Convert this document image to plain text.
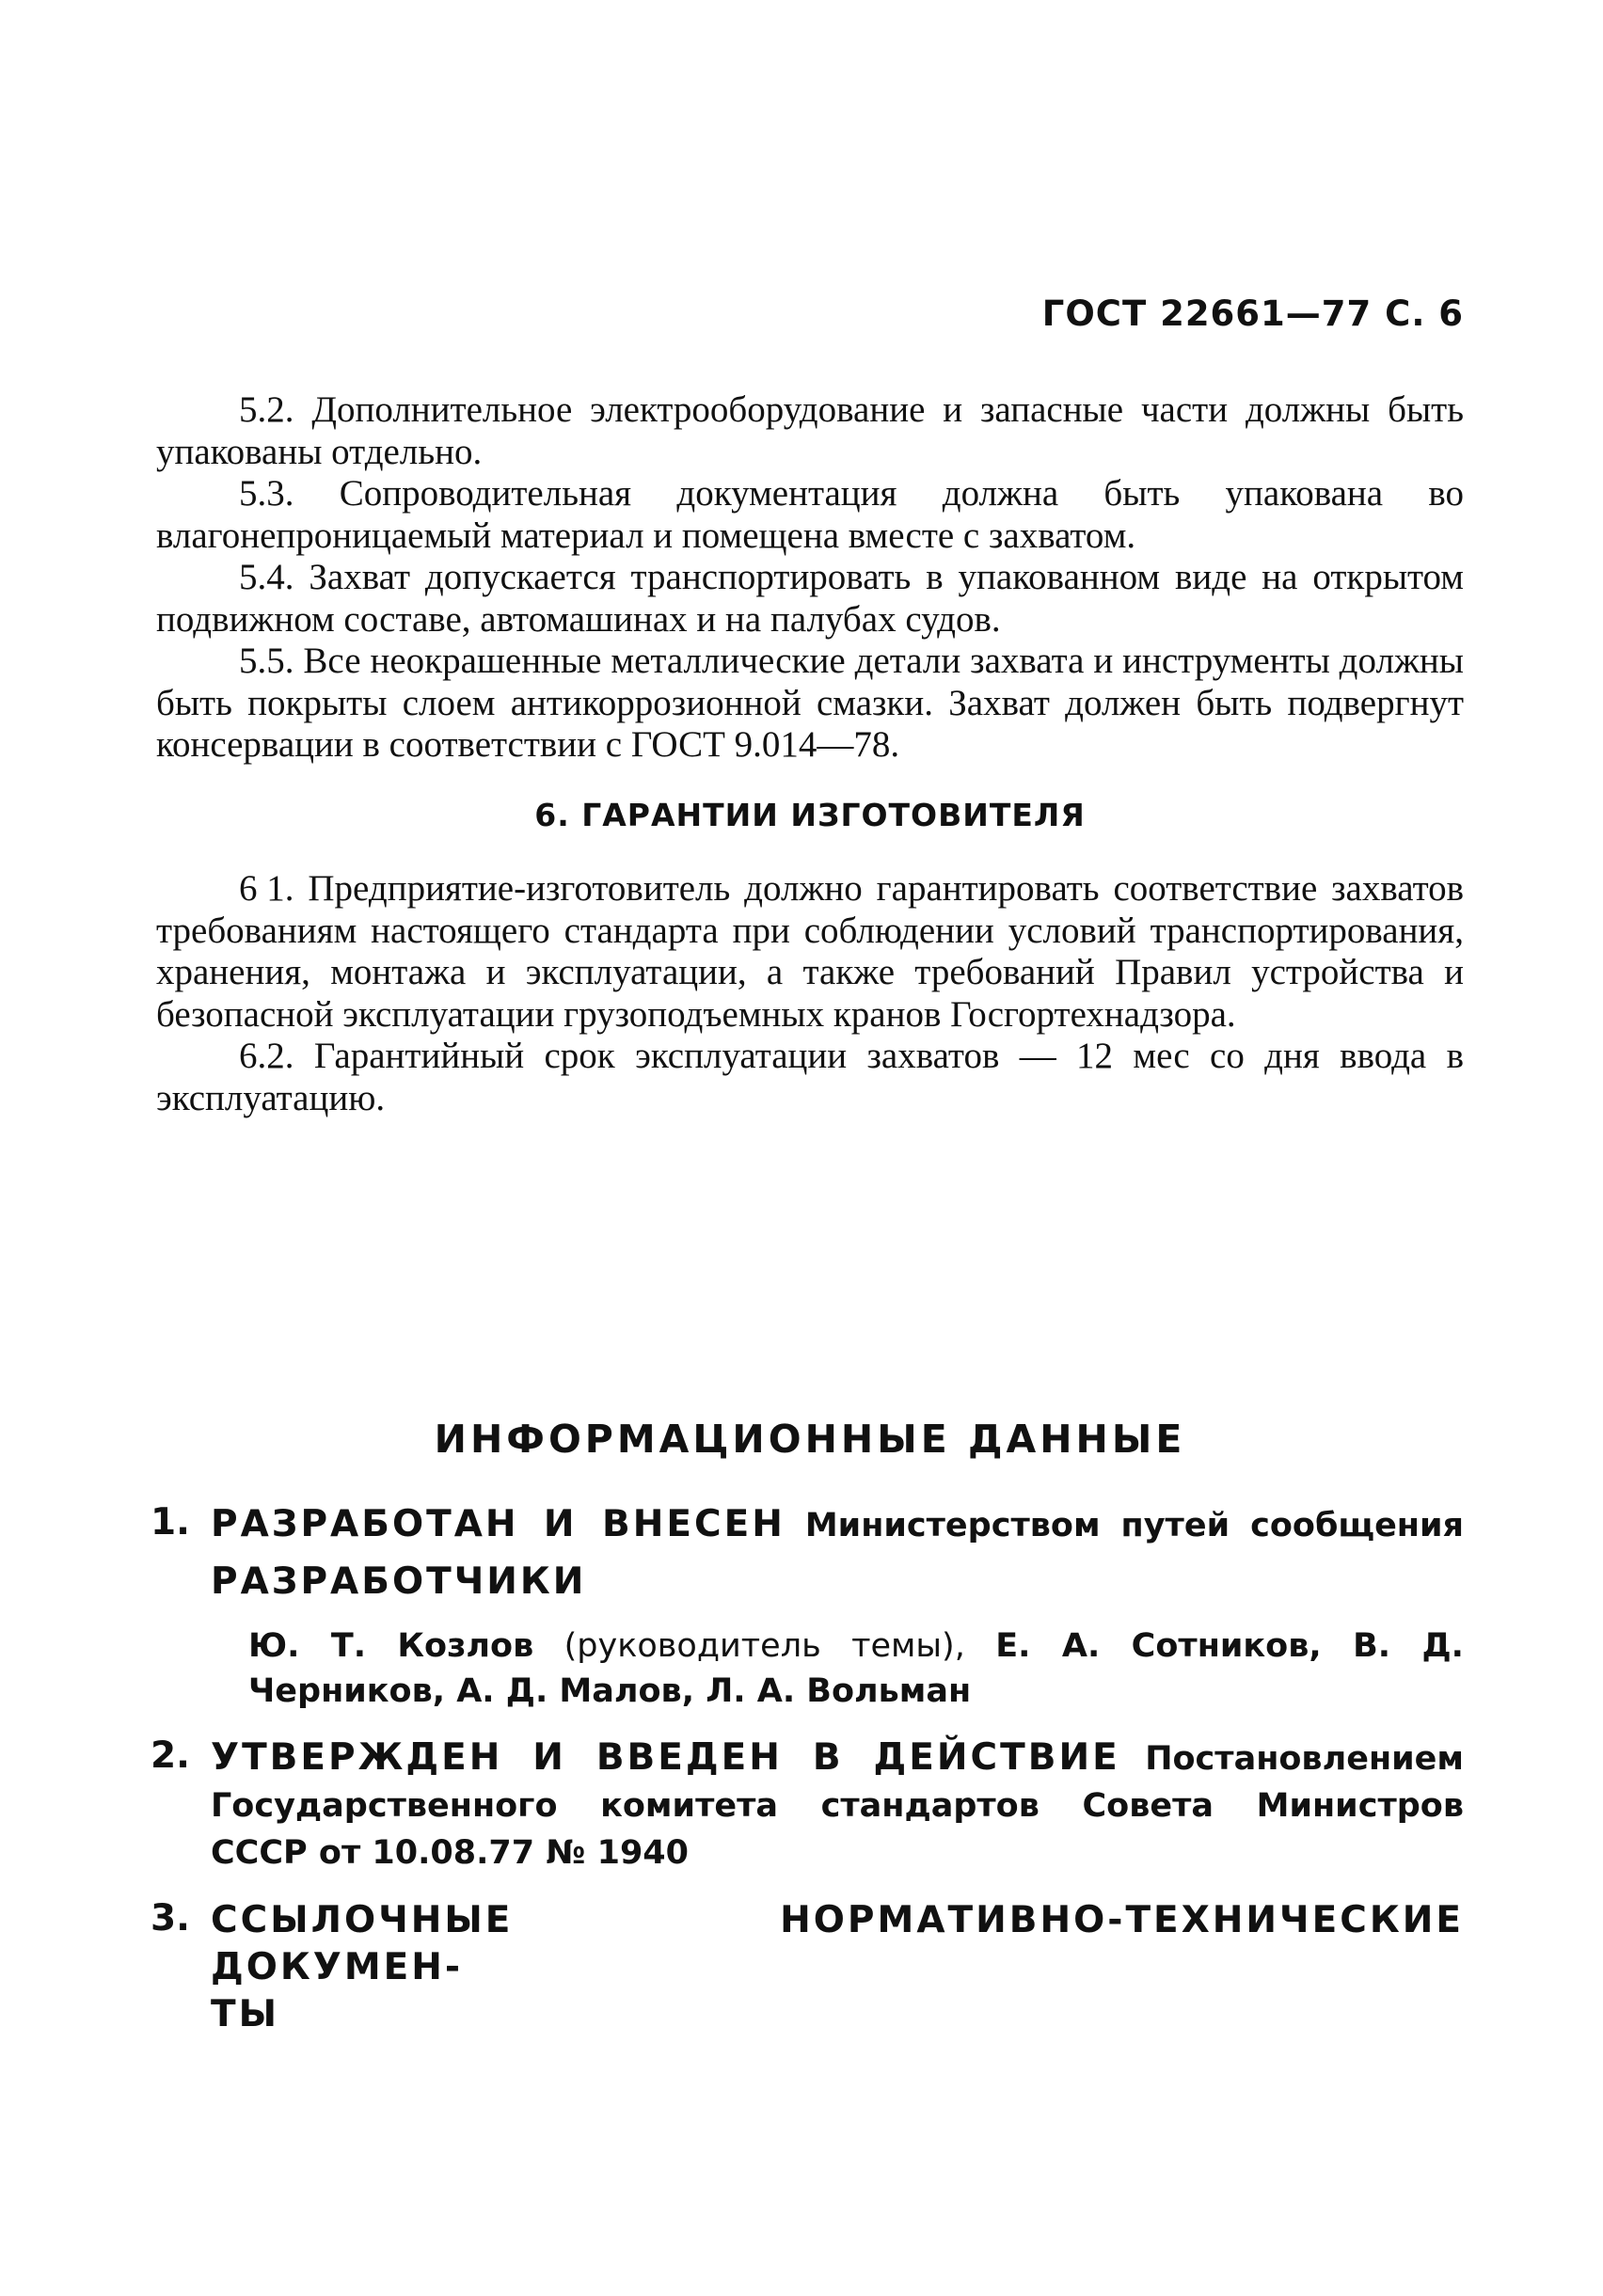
ГОСТ 22661—77 С. 6

5.2. Дополнительное электрооборудование и запасные части должны быть упакованы отдельно.

5.3. Сопроводительная документация должна быть упакована во влагонепроницаемый материал и помещена вместе с захватом.

5.4. Захват допускается транспортировать в упакованном виде на открытом подвижном составе, автомашинах и на палубах судов.

5.5. Все неокрашенные металлические детали захвата и инструменты должны быть покрыты слоем антикоррозионной смазки. Захват должен быть подвергнут консервации в соответствии с ГОСТ 9.014—78.

6. ГАРАНТИИ ИЗГОТОВИТЕЛЯ

6 1. Предприятие-изготовитель должно гарантировать соответствие захватов требованиям настоящего стандарта при соблюдении условий транспортирования, хранения, монтажа и эксплуатации, а также требований Правил устройства и безопасной эксплуатации грузоподъемных кранов Госгортехнадзора.

6.2. Гарантийный срок эксплуатации захватов — 12 мес со дня ввода в эксплуатацию.

ИНФОРМАЦИОННЫЕ ДАННЫЕ
1. РАЗРАБОТАН И ВНЕСЕН Министерством путей сообщения
РАЗРАБОТЧИКИ
Ю. Т. Козлов (руководитель темы), Е. А. Сотников, В. Д. Черников, А. Д. Малов, Л. А. Вольман
2. УТВЕРЖДЕН И ВВЕДЕН В ДЕЙСТВИЕ Постановлением
Государственного комитета стандартов Совета Министров
СССР от 10.08.77 № 1940
3. ССЫЛОЧНЫЕ НОРМАТИВНО-ТЕХНИЧЕСКИЕ ДОКУМЕН-
ТЫ
